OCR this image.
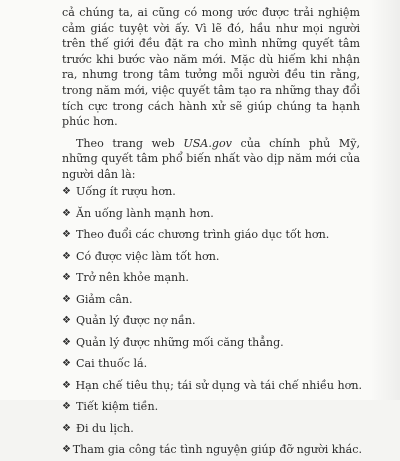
cả chúng ta, ai cũng có mong ước được trải nghiệm cảm giác tuyệt vời ấy. Vì lẽ đó, hầu như mọi người trên thế giới đều đặt ra cho mình những quyết tâm trước khi bước vào năm mới. Mặc dù hiếm khi nhận ra, nhưng trong tâm tưởng mỗi người đều tin rằng, trong năm mới, việc quyết tâm tạo ra những thay đổi tích cực trong cách hành xử sẽ giúp chúng ta hạnh phúc hơn.

Theo trang web USA.gov của chính phủ Mỹ, những quyết tâm phổ biến nhất vào dịp năm mới của người dân là:

❖ Uống ít rượu hơn.
❖ Ăn uống lành mạnh hơn.
❖ Theo đuổi các chương trình giáo dục tốt hơn.
❖ Có được việc làm tốt hơn.
❖ Trở nên khỏe mạnh.
❖ Giảm cân.
❖ Quản lý được nợ nần.
❖ Quản lý được những mối căng thẳng.
❖ Cai thuốc lá.
❖ Hạn chế tiêu thụ; tái sử dụng và tái chế nhiều hơn.
❖ Tiết kiệm tiền.
❖ Đi du lịch.
❖ Tham gia công tác tình nguyện giúp đỡ người khác.
